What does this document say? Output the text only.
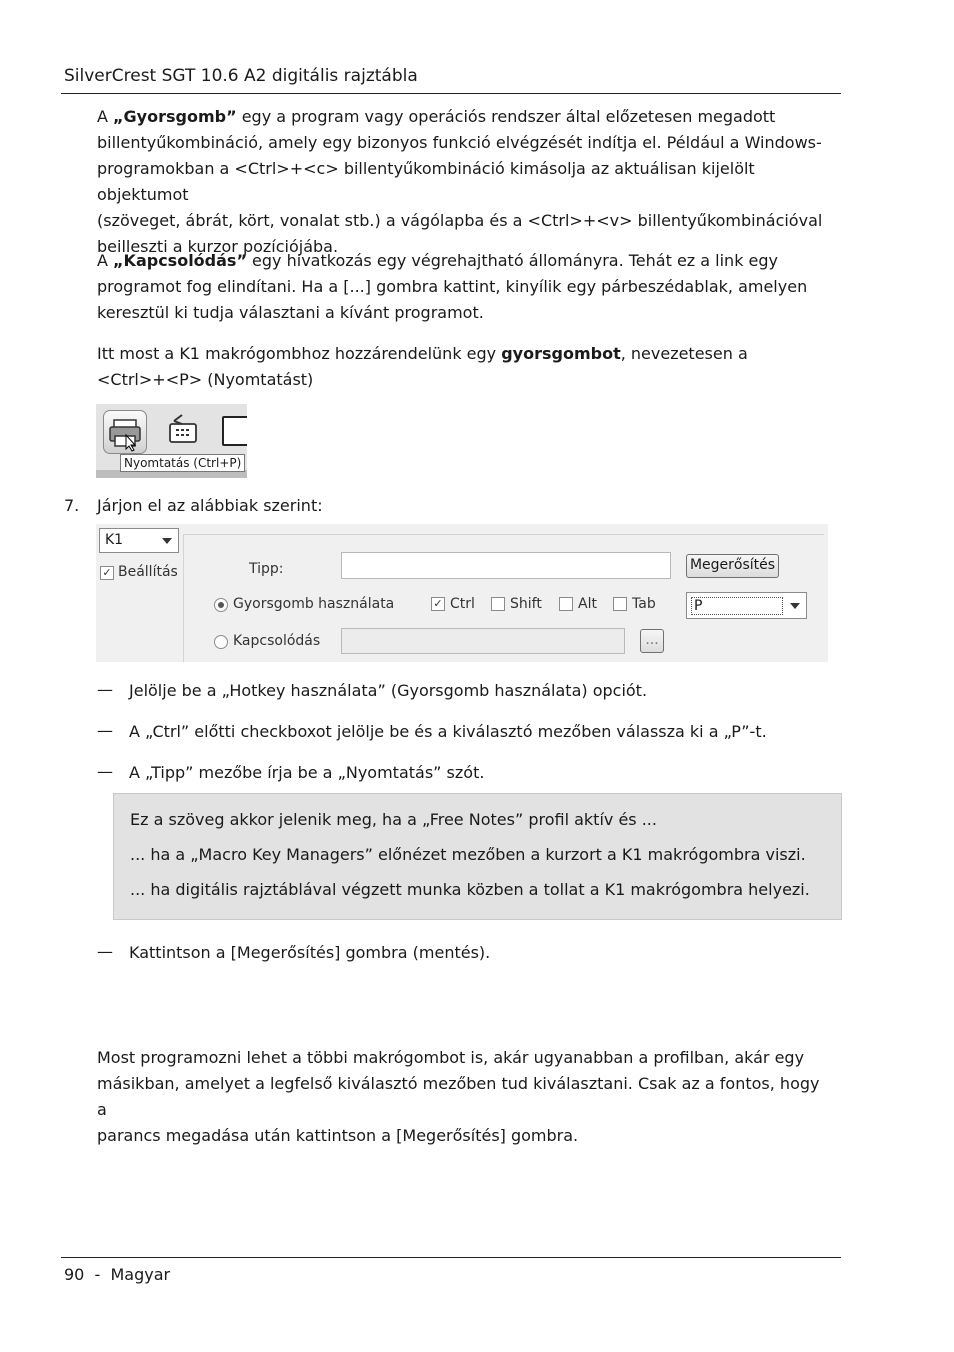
SilverCrest SGT 10.6 A2 digitális rajztábla

A „Gyorsgomb” egy a program vagy operációs rendszer által előzetesen megadott
billentyűkombináció, amely egy bizonyos funkció elvégzését indítja el. Például a Windows-
programokban a <Ctrl>+<c> billentyűkombináció kimásolja az aktuálisan kijelölt objektumot
(szöveget, ábrát, kört, vonalat stb.) a vágólapba és a <Ctrl>+<v> billentyűkombinációval
beilleszti a kurzor pozíciójába.

A „Kapcsolódás” egy hivatkozás egy végrehajtható állományra. Tehát ez a link egy
programot fog elindítani. Ha a [...] gombra kattint, kinyílik egy párbeszédablak, amelyen
keresztül ki tudja választani a kívánt programot.

Itt most a K1 makrógombhoz hozzárendelünk egy gyorsgombot, nevezetesen a
<Ctrl>+<P> (Nyomtatást)

Nyomtatás (Ctrl+P)
7. Járjon el az alábbiak szerint:
K1
✓ Beállítás	Tipp:	Megerősítés
Gyorsgomb használata	✓ Ctrl	Shift	Alt	Tab	P
Kapcsolódás	...
— Jelölje be a „Hotkey használata” (Gyorsgomb használata) opciót.
— A „Ctrl” előtti checkboxot jelölje be és a kiválasztó mezőben válassza ki a „P”-t.
— A „Tipp” mezőbe írja be a „Nyomtatás” szót.
Ez a szöveg akkor jelenik meg, ha a „Free Notes” profil aktív és ...
... ha a „Macro Key Managers” előnézet mezőben a kurzort a K1 makrógombra viszi.
... ha digitális rajztáblával végzett munka közben a tollat a K1 makrógombra helyezi.
— Kattintson a [Megerősítés] gombra (mentés).

Most programozni lehet a többi makrógombot is, akár ugyanabban a profilban, akár egy
másikban, amelyet a legfelső kiválasztó mezőben tud kiválasztani. Csak az a fontos, hogy a
parancs megadása után kattintson a [Megerősítés] gombra.

90 - Magyar
